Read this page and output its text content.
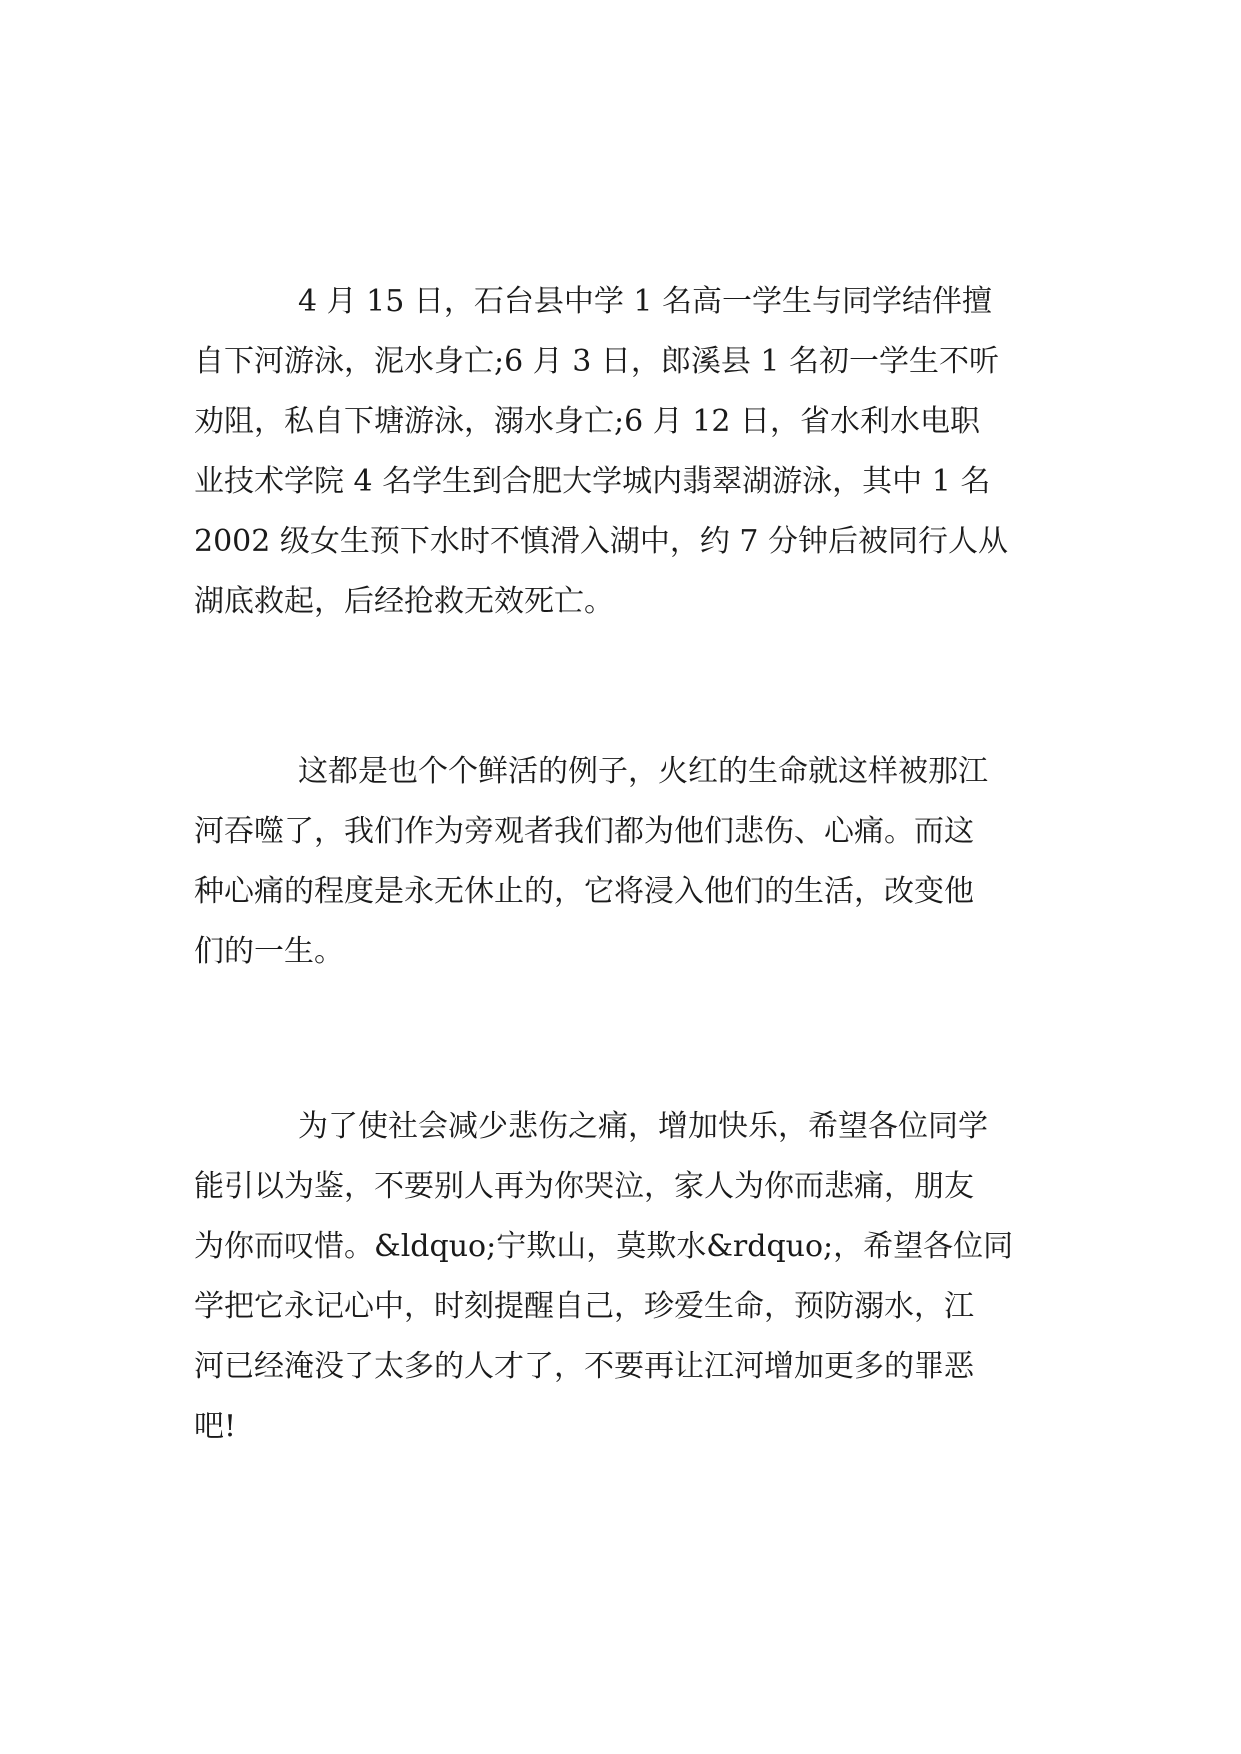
4 月 15 日，石台县中学 1 名高一学生与同学结伴擅
自下河游泳，泥水身亡;6 月 3 日，郎溪县 1 名初一学生不听
劝阻，私自下塘游泳，溺水身亡;6 月 12 日，省水利水电职
业技术学院 4 名学生到合肥大学城内翡翠湖游泳，其中 1 名
2002 级女生预下水时不慎滑入湖中，约 7 分钟后被同行人从
湖底救起，后经抢救无效死亡。
这都是也个个鲜活的例子，火红的生命就这样被那江
河吞噬了，我们作为旁观者我们都为他们悲伤、心痛。而这
种心痛的程度是永无休止的，它将浸入他们的生活，改变他
们的一生。
为了使社会减少悲伤之痛，增加快乐，希望各位同学
能引以为鉴，不要别人再为你哭泣，家人为你而悲痛，朋友
为你而叹惜。&ldquo;宁欺山，莫欺水&rdquo;，希望各位同
学把它永记心中，时刻提醒自己，珍爱生命，预防溺水，江
河已经淹没了太多的人才了，不要再让江河增加更多的罪恶
吧!
